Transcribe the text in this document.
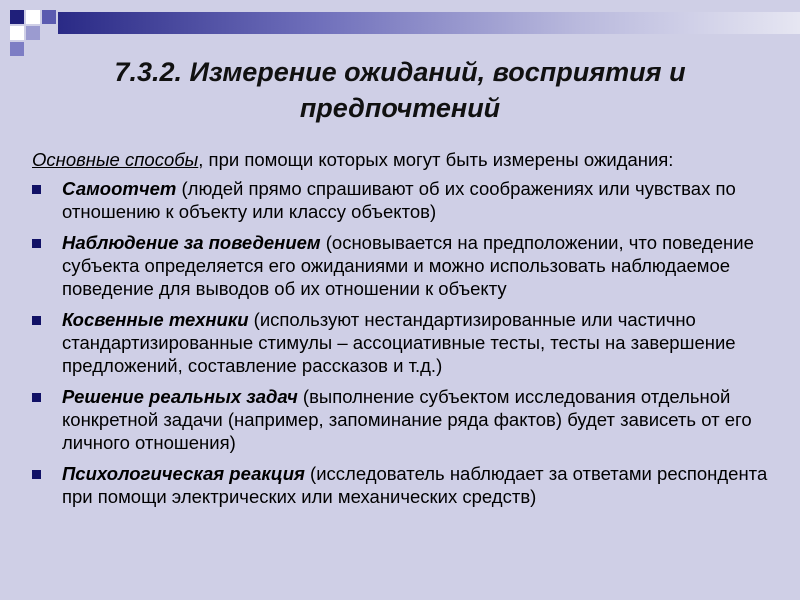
7.3.2. Измерение ожиданий, восприятия и предпочтений

Основные способы, при помощи которых могут быть измерены ожидания:

Самоотчет (людей прямо спрашивают об их соображениях или чувствах по отношению к объекту или классу объектов)
Наблюдение за поведением (основывается на предположении, что поведение субъекта определяется его ожиданиями и можно использовать наблюдаемое поведение для выводов об их отношении к объекту
Косвенные техники (используют нестандартизированные или частично стандартизированные стимулы – ассоциативные тесты, тесты на завершение предложений, составление рассказов и т.д.)
Решение реальных задач (выполнение субъектом исследования отдельной конкретной задачи (например, запоминание ряда фактов) будет зависеть от его личного отношения)
Психологическая реакция (исследователь наблюдает за ответами респондента при помощи электрических или механических средств)
